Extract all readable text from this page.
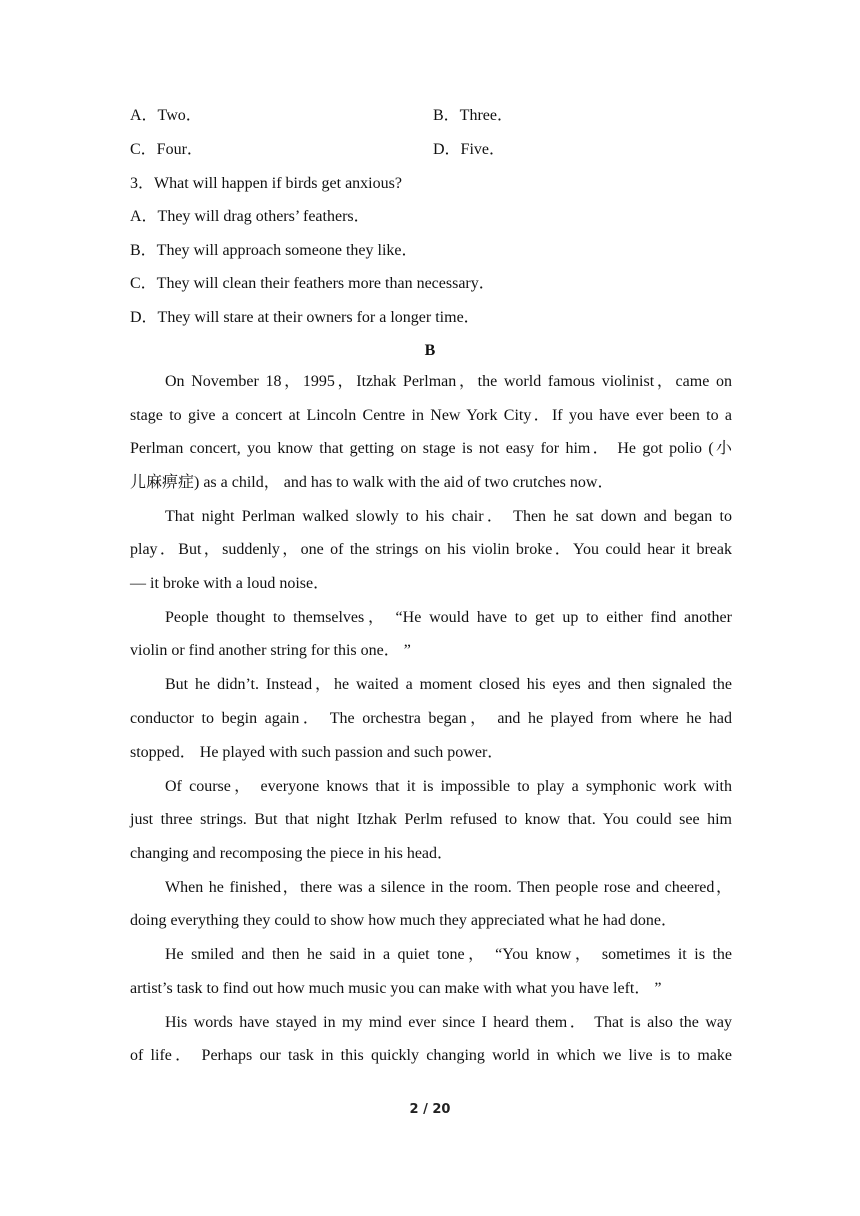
A．Two．	B．Three．
C．Four．	D．Five．
3．What will happen if birds get anxious?
A．They will drag others’ feathers．
B．They will approach someone they like．
C．They will clean their feathers more than necessary．
D．They will stare at their owners for a longer time．
B
On November 18，1995，Itzhak Perlman，the world famous violinist，came on
stage to give a concert at Lincoln Centre in New York City．If you have ever been to a
Perlman concert, you know that getting on stage is not easy for him． He got polio (小
儿麻痹症) as a child， and has to walk with the aid of two crutches now．
That night Perlman walked slowly to his chair． Then he sat down and began to
play．But，suddenly，one of the strings on his violin broke．You could hear it break
— it broke with a loud noise．
People thought to themselves， “He would have to get up to either find another
violin or find another string for this one． ”
But he didn’t. Instead，he waited a moment closed his eyes and then signaled the
conductor to begin again． The orchestra began， and he played from where he had
stopped． He played with such passion and such power．
Of course， everyone knows that it is impossible to play a symphonic work with
just three strings. But that night Itzhak Perlm refused to know that. You could see him
changing and recomposing the piece in his head．
When he finished，there was a silence in the room. Then people rose and cheered，
doing everything they could to show how much they appreciated what he had done．
He smiled and then he said in a quiet tone， “You know， sometimes it is the
artist’s task to find out how much music you can make with what you have left． ”
His words have stayed in my mind ever since I heard them． That is also the way
of life． Perhaps our task in this quickly changing world in which we live is to make
2 / 20
